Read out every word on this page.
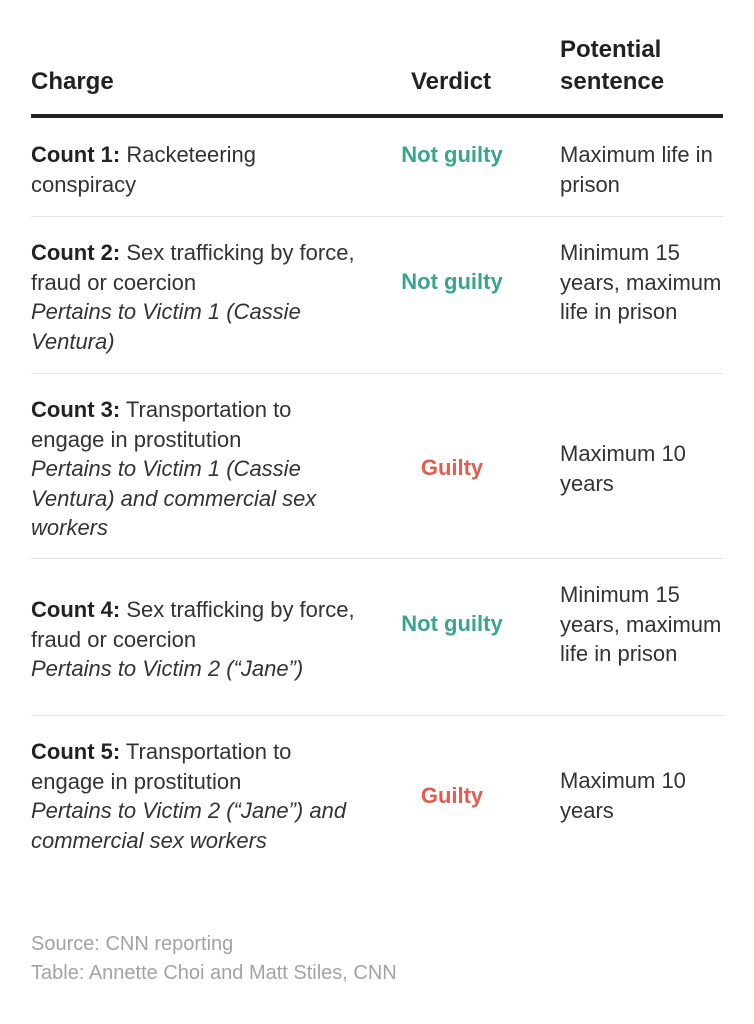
Charge	Verdict
Potential
sentence
Count 1: Racketeering conspiracy
Not guilty	Maximum life in prison
Count 2: Sex trafficking by force, fraud or coercion
Pertains to Victim 1 (Cassie Ventura)
Not guilty
Minimum 15 years, maximum life in prison
Count 3: Transportation to engage in prostitution
Pertains to Victim 1 (Cassie Ventura) and commercial sex workers
Guilty
Maximum 10 years
Count 4: Sex trafficking by force, fraud or coercion
Pertains to Victim 2 (“Jane”)
Not guilty
Minimum 15 years, maximum life in prison
Count 5: Transportation to engage in prostitution
Pertains to Victim 2 (“Jane”) and commercial sex workers
Guilty
Maximum 10 years
Source: CNN reporting
Table: Annette Choi and Matt Stiles, CNN
